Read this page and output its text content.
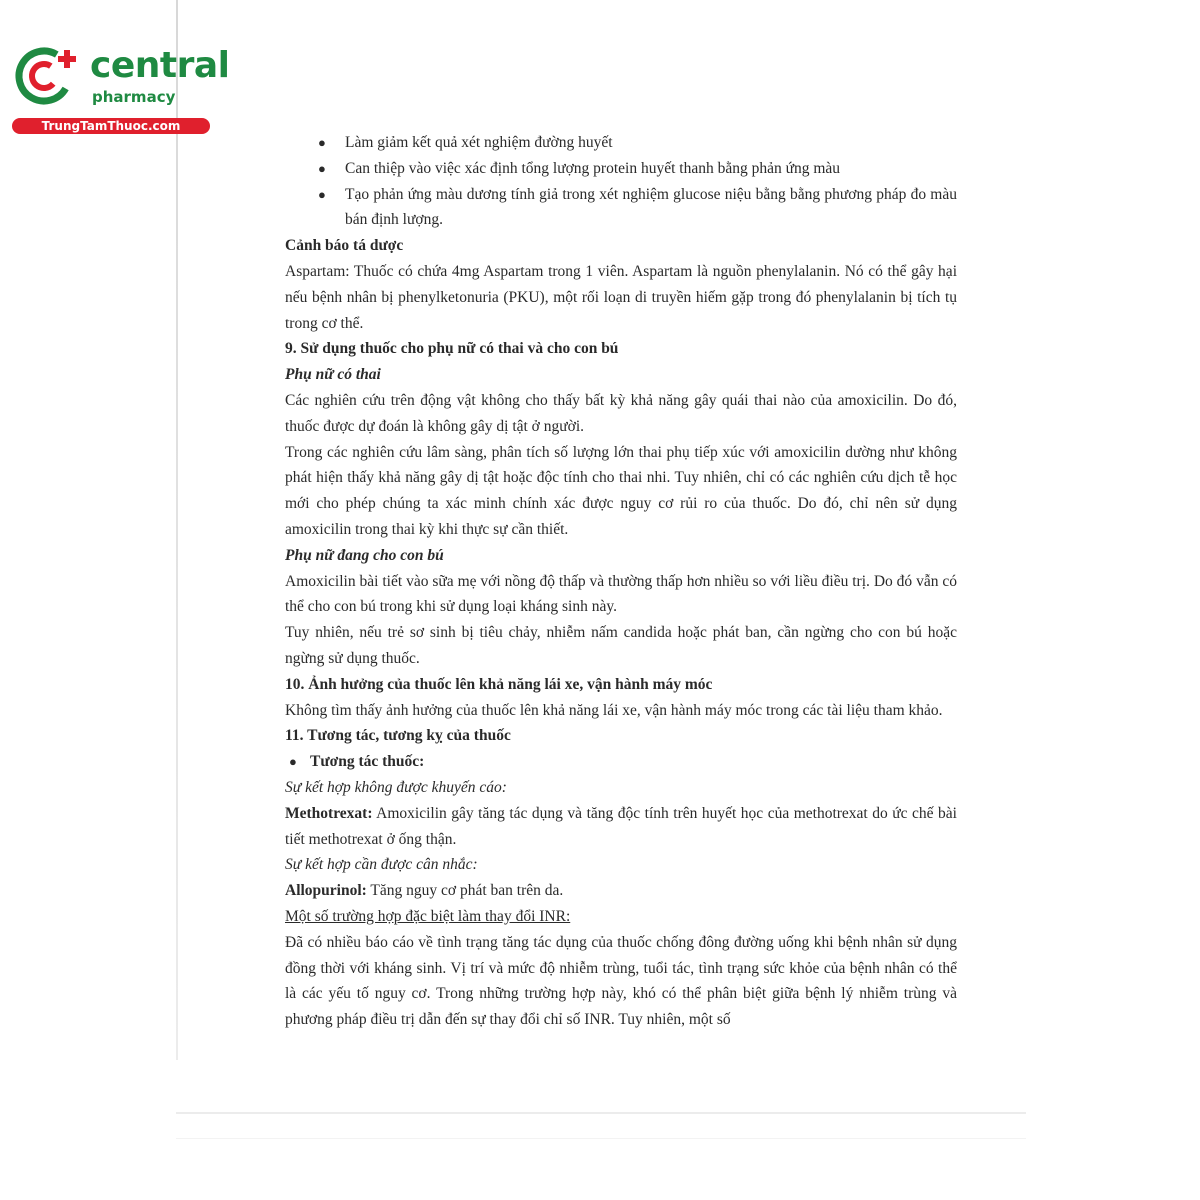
central
pharmacy
TrungTamThuoc.com

● Làm giảm kết quả xét nghiệm đường huyết

● Can thiệp vào việc xác định tổng lượng protein huyết thanh bằng phản ứng màu

● Tạo phản ứng màu dương tính giả trong xét nghiệm glucose niệu bằng bằng phương pháp đo màu bán định lượng.

Cảnh báo tá dược

Aspartam: Thuốc có chứa 4mg Aspartam trong 1 viên. Aspartam là nguồn phenylalanin. Nó có thể gây hại nếu bệnh nhân bị phenylketonuria (PKU), một rối loạn di truyền hiếm gặp trong đó phenylalanin bị tích tụ trong cơ thể.

9. Sử dụng thuốc cho phụ nữ có thai và cho con bú

Phụ nữ có thai

Các nghiên cứu trên động vật không cho thấy bất kỳ khả năng gây quái thai nào của amoxicilin. Do đó, thuốc được dự đoán là không gây dị tật ở người.

Trong các nghiên cứu lâm sàng, phân tích số lượng lớn thai phụ tiếp xúc với amoxicilin dường như không phát hiện thấy khả năng gây dị tật hoặc độc tính cho thai nhi. Tuy nhiên, chỉ có các nghiên cứu dịch tễ học mới cho phép chúng ta xác minh chính xác được nguy cơ rủi ro của thuốc. Do đó, chỉ nên sử dụng amoxicilin trong thai kỳ khi thực sự cần thiết.

Phụ nữ đang cho con bú

Amoxicilin bài tiết vào sữa mẹ với nồng độ thấp và thường thấp hơn nhiều so với liều điều trị. Do đó vẫn có thể cho con bú trong khi sử dụng loại kháng sinh này.

Tuy nhiên, nếu trẻ sơ sinh bị tiêu chảy, nhiễm nấm candida hoặc phát ban, cần ngừng cho con bú hoặc ngừng sử dụng thuốc.

10. Ảnh hưởng của thuốc lên khả năng lái xe, vận hành máy móc

Không tìm thấy ảnh hưởng của thuốc lên khả năng lái xe, vận hành máy móc trong các tài liệu tham khảo.

11. Tương tác, tương kỵ của thuốc

● Tương tác thuốc:

Sự kết hợp không được khuyến cáo:

Methotrexat: Amoxicilin gây tăng tác dụng và tăng độc tính trên huyết học của methotrexat do ức chế bài tiết methotrexat ở ống thận.

Sự kết hợp cần được cân nhắc:

Allopurinol: Tăng nguy cơ phát ban trên da.

Một số trường hợp đặc biệt làm thay đổi INR:

Đã có nhiều báo cáo về tình trạng tăng tác dụng của thuốc chống đông đường uống khi bệnh nhân sử dụng đồng thời với kháng sinh. Vị trí và mức độ nhiễm trùng, tuổi tác, tình trạng sức khỏe của bệnh nhân có thể là các yếu tố nguy cơ. Trong những trường hợp này, khó có thể phân biệt giữa bệnh lý nhiễm trùng và phương pháp điều trị dẫn đến sự thay đổi chỉ số INR. Tuy nhiên, một số
